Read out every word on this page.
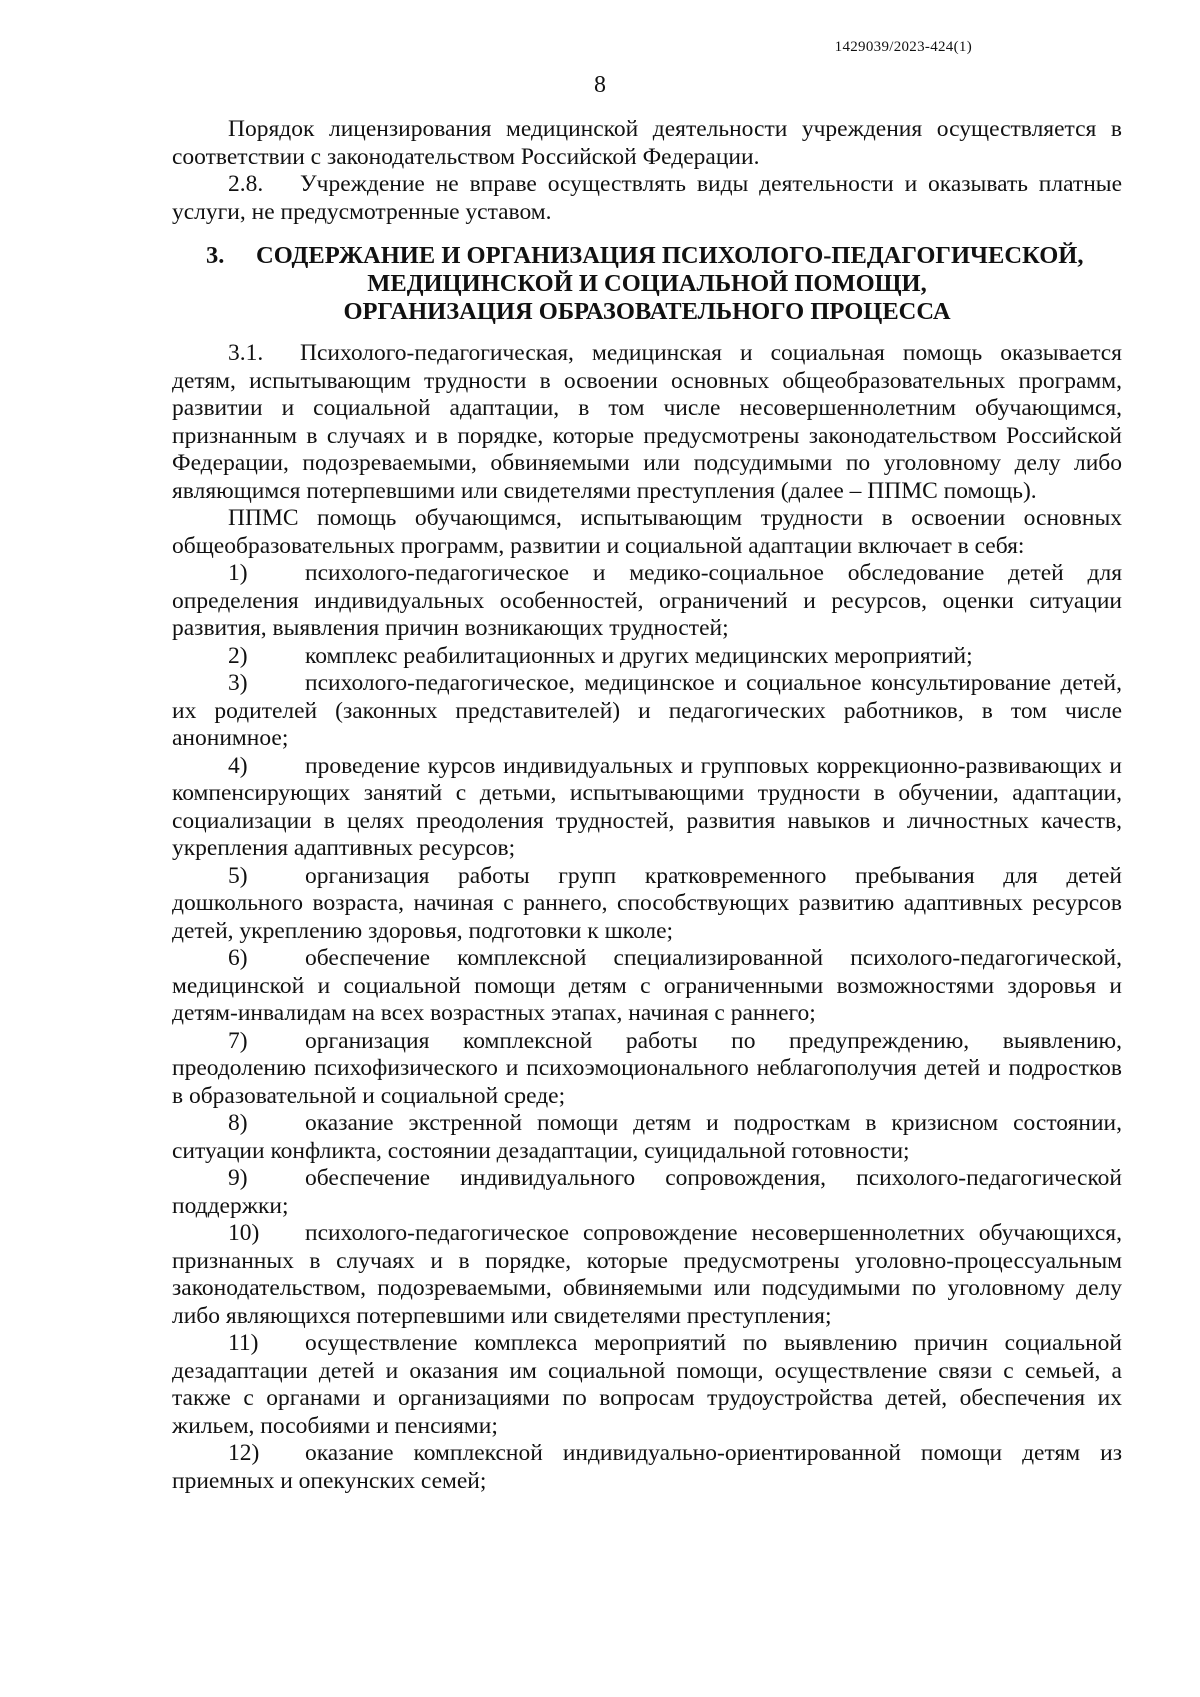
1429039/2023-424(1)
8

Порядок лицензирования медицинской деятельности учреждения осуществляется в соответствии с законодательством Российской Федерации.

2.8. Учреждение не вправе осуществлять виды деятельности и оказывать платные услуги, не предусмотренные уставом.

3. СОДЕРЖАНИЕ И ОРГАНИЗАЦИЯ ПСИХОЛОГО-ПЕДАГОГИЧЕСКОЙ,
МЕДИЦИНСКОЙ И СОЦИАЛЬНОЙ ПОМОЩИ,
ОРГАНИЗАЦИЯ ОБРАЗОВАТЕЛЬНОГО ПРОЦЕССА

3.1. Психолого-педагогическая, медицинская и социальная помощь оказывается детям, испытывающим трудности в освоении основных общеобразовательных программ, развитии и социальной адаптации, в том числе несовершеннолетним обучающимся, признанным в случаях и в порядке, которые предусмотрены законодательством Российской Федерации, подозреваемыми, обвиняемыми или подсудимыми по уголовному делу либо являющимся потерпевшими или свидетелями преступления (далее – ППМС помощь).

ППМС помощь обучающимся, испытывающим трудности в освоении основных общеобразовательных программ, развитии и социальной адаптации включает в себя:

1) психолого-педагогическое и медико-социальное обследование детей для определения индивидуальных особенностей, ограничений и ресурсов, оценки ситуации развития, выявления причин возникающих трудностей;

2) комплекс реабилитационных и других медицинских мероприятий;

3) психолого-педагогическое, медицинское и социальное консультирование детей, их родителей (законных представителей) и педагогических работников, в том числе анонимное;

4) проведение курсов индивидуальных и групповых коррекционно-развивающих и компенсирующих занятий с детьми, испытывающими трудности в обучении, адаптации, социализации в целях преодоления трудностей, развития навыков и личностных качеств, укрепления адаптивных ресурсов;

5) организация работы групп кратковременного пребывания для детей дошкольного возраста, начиная с раннего, способствующих развитию адаптивных ресурсов детей, укреплению здоровья, подготовки к школе;

6) обеспечение комплексной специализированной психолого-педагогической, медицинской и социальной помощи детям с ограниченными возможностями здоровья и детям-инвалидам на всех возрастных этапах, начиная с раннего;

7) организация комплексной работы по предупреждению, выявлению, преодолению психофизического и психоэмоционального неблагополучия детей и подростков в образовательной и социальной среде;

8) оказание экстренной помощи детям и подросткам в кризисном состоянии, ситуации конфликта, состоянии дезадаптации, суицидальной готовности;

9) обеспечение индивидуального сопровождения, психолого-педагогической поддержки;

10) психолого-педагогическое сопровождение несовершеннолетних обучающихся, признанных в случаях и в порядке, которые предусмотрены уголовно-процессуальным законодательством, подозреваемыми, обвиняемыми или подсудимыми по уголовному делу либо являющихся потерпевшими или свидетелями преступления;

11) осуществление комплекса мероприятий по выявлению причин социальной дезадаптации детей и оказания им социальной помощи, осуществление связи с семьей, а также с органами и организациями по вопросам трудоустройства детей, обеспечения их жильем, пособиями и пенсиями;

12) оказание комплексной индивидуально-ориентированной помощи детям из приемных и опекунских семей;
